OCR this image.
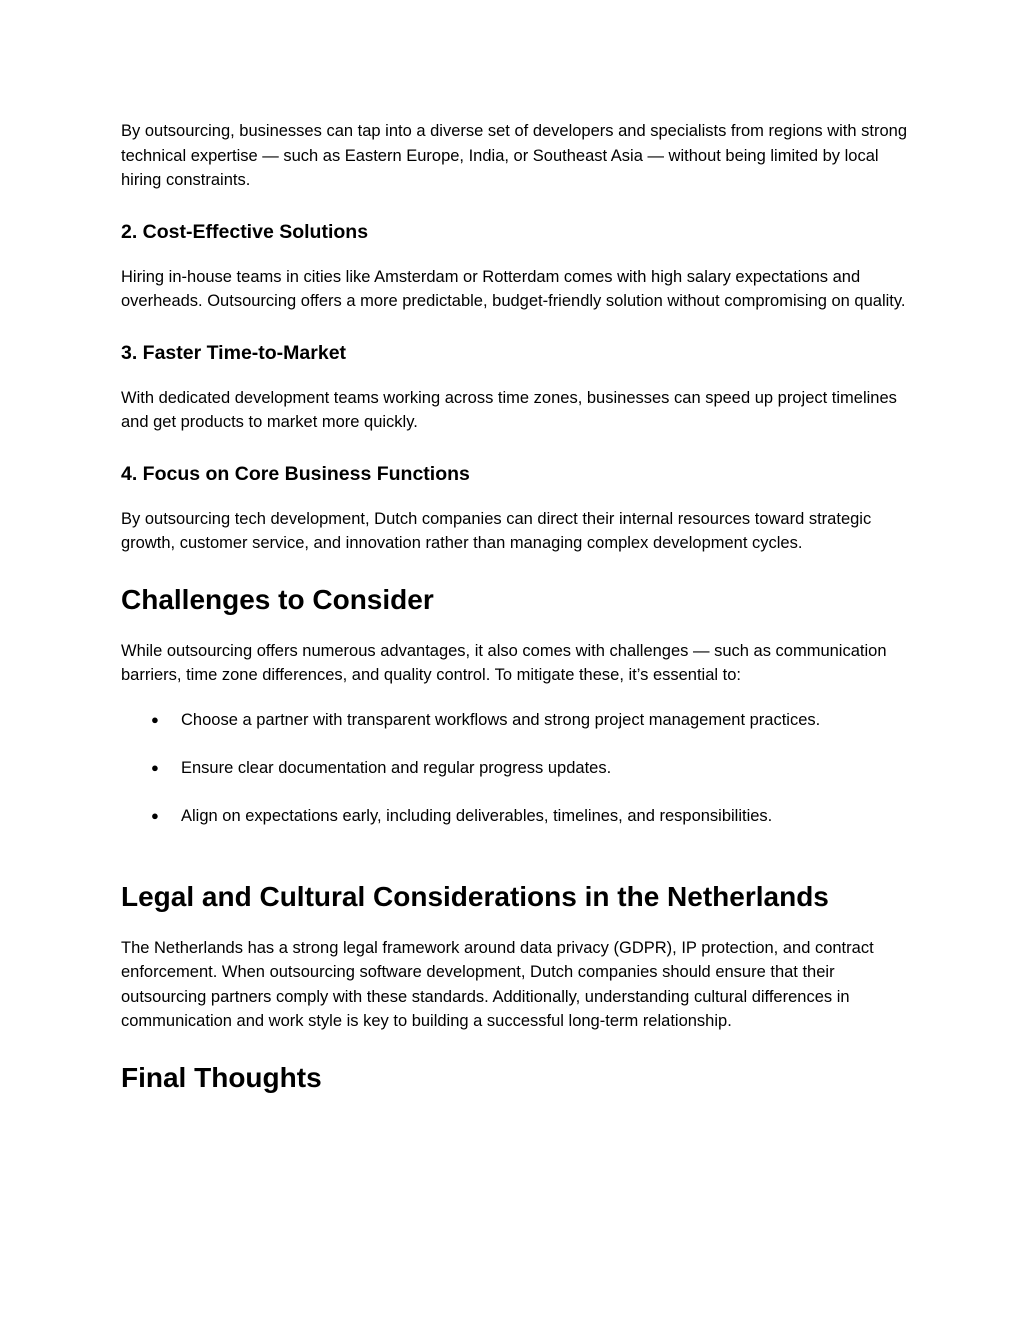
By outsourcing, businesses can tap into a diverse set of developers and specialists from regions with strong technical expertise — such as Eastern Europe, India, or Southeast Asia — without being limited by local hiring constraints.

2. Cost-Effective Solutions

Hiring in-house teams in cities like Amsterdam or Rotterdam comes with high salary expectations and overheads. Outsourcing offers a more predictable, budget-friendly solution without compromising on quality.

3. Faster Time-to-Market

With dedicated development teams working across time zones, businesses can speed up project timelines and get products to market more quickly.

4. Focus on Core Business Functions

By outsourcing tech development, Dutch companies can direct their internal resources toward strategic growth, customer service, and innovation rather than managing complex development cycles.

Challenges to Consider

While outsourcing offers numerous advantages, it also comes with challenges — such as communication barriers, time zone differences, and quality control. To mitigate these, it’s essential to:

● Choose a partner with transparent workflows and strong project management practices.
● Ensure clear documentation and regular progress updates.
● Align on expectations early, including deliverables, timelines, and responsibilities.
Legal and Cultural Considerations in the Netherlands

The Netherlands has a strong legal framework around data privacy (GDPR), IP protection, and contract enforcement. When outsourcing software development, Dutch companies should ensure that their outsourcing partners comply with these standards. Additionally, understanding cultural differences in communication and work style is key to building a successful long-term relationship.

Final Thoughts
